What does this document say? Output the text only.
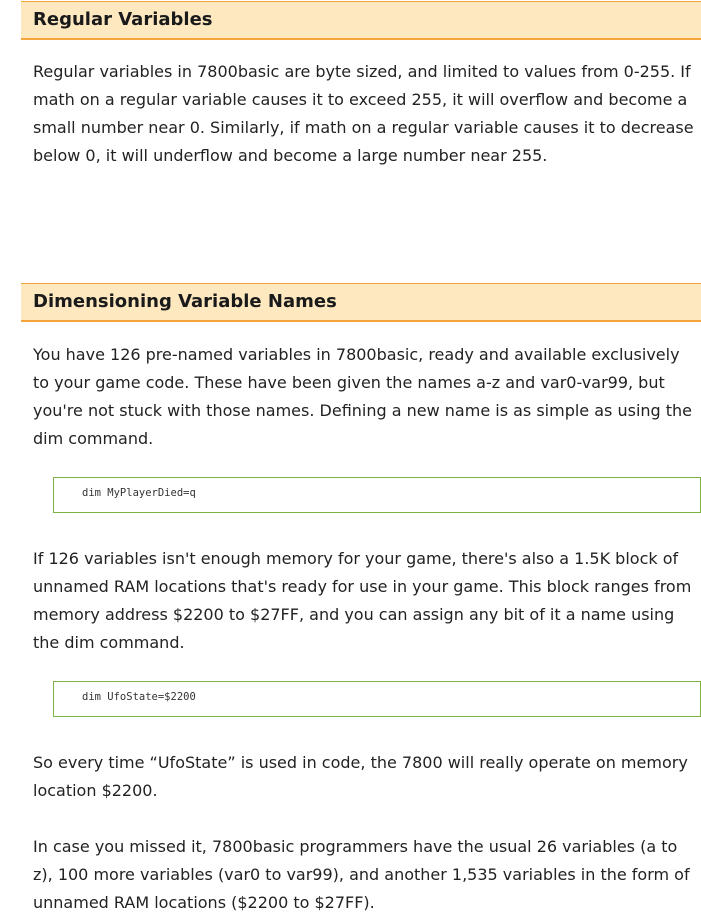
Regular Variables

Regular variables in 7800basic are byte sized, and limited to values from 0-255. If math on a regular variable causes it to exceed 255, it will overflow and become a small number near 0. Similarly, if math on a regular variable causes it to decrease below 0, it will underflow and become a large number near 255.

Dimensioning Variable Names

You have 126 pre-named variables in 7800basic, ready and available exclusively to your game code. These have been given the names a-z and var0-var99, but you're not stuck with those names. Defining a new name is as simple as using the dim command.

dim MyPlayerDied=q

If 126 variables isn't enough memory for your game, there's also a 1.5K block of unnamed RAM locations that's ready for use in your game. This block ranges from memory address $2200 to $27FF, and you can assign any bit of it a name using the dim command.

dim UfoState=$2200

So every time “UfoState” is used in code, the 7800 will really operate on memory location $2200.

In case you missed it, 7800basic programmers have the usual 26 variables (a to z), 100 more variables (var0 to var99), and another 1,535 variables in the form of unnamed RAM locations ($2200 to $27FF).
